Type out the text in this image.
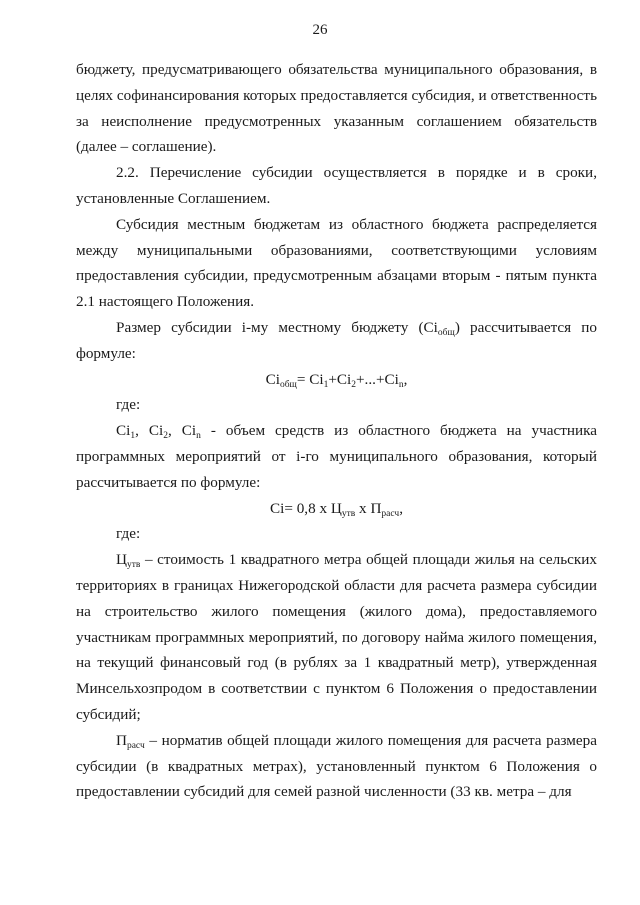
26

бюджету, предусматривающего обязательства муниципального образования, в целях софинансирования которых предоставляется субсидия, и ответственность за неисполнение предусмотренных указанным соглашением обязательств (далее – соглашение).

2.2. Перечисление субсидии осуществляется в порядке и в сроки, установленные Соглашением.

Субсидия местным бюджетам из областного бюджета распределяется между муниципальными образованиями, соответствующими условиям предоставления субсидии, предусмотренным абзацами вторым - пятым пункта 2.1 настоящего Положения.

Размер субсидии i-му местному бюджету $(Ci_{общ})$ рассчитывается по формуле:

$Ci_{общ}= Ci_1+Ci_2+...+Ci_n$,

где:

$Ci_1$, $Ci_2$, $Ci_n$ - объем средств из областного бюджета на участника программных мероприятий от i-го муниципального образования, который рассчитывается по формуле:

Ci= 0,8 х $Ц_{утв}$ х $П_{расч}$,

где:

$Ц_{утв}$ – стоимость 1 квадратного метра общей площади жилья на сельских территориях в границах Нижегородской области для расчета размера субсидии на строительство жилого помещения (жилого дома), предоставляемого участникам программных мероприятий, по договору найма жилого помещения, на текущий финансовый год (в рублях за 1 квадратный метр), утвержденная Минсельхозпродом в соответствии с пунктом 6 Положения о предоставлении субсидий;

$П_{расч}$ – норматив общей площади жилого помещения для расчета размера субсидии (в квадратных метрах), установленный пунктом 6 Положения о предоставлении субсидий для семей разной численности (33 кв. метра – для
